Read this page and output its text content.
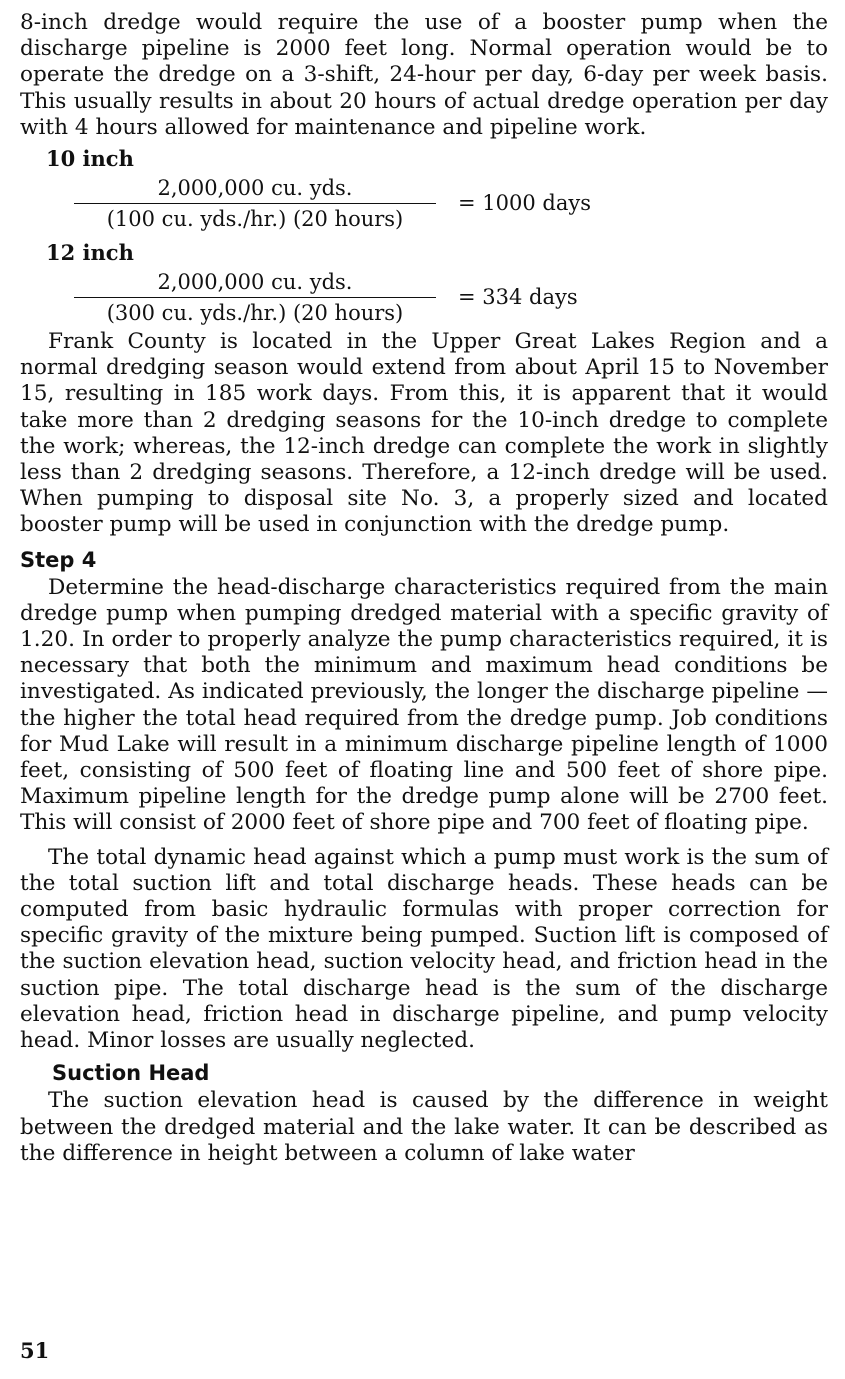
8-inch dredge would require the use of a booster pump when the discharge pipeline is 2000 feet long. Normal operation would be to operate the dredge on a 3-shift, 24-hour per day, 6-day per week basis. This usually results in about 20 hours of actual dredge operation per day with 4 hours allowed for maintenance and pipeline work.

10 inch
$\frac{\text{2,000,000 cu. yds.}}{\text{(100 cu. yds./hr.) (20 hours)}} = 1000$ days
12 inch
$\frac{\text{2,000,000 cu. yds.}}{\text{(300 cu. yds./hr.) (20 hours)}} = 334$ days

Frank County is located in the Upper Great Lakes Region and a normal dredging season would extend from about April 15 to November 15, resulting in 185 work days. From this, it is apparent that it would take more than 2 dredging seasons for the 10-inch dredge to complete the work; whereas, the 12-inch dredge can complete the work in slightly less than 2 dredging seasons. Therefore, a 12-inch dredge will be used. When pumping to disposal site No. 3, a properly sized and located booster pump will be used in conjunction with the dredge pump.

Step 4

Determine the head-discharge characteristics required from the main dredge pump when pumping dredged material with a specific gravity of 1.20. In order to properly analyze the pump characteristics required, it is necessary that both the minimum and maximum head conditions be investigated. As indicated previously, the longer the discharge pipeline — the higher the total head required from the dredge pump. Job conditions for Mud Lake will result in a minimum discharge pipeline length of 1000 feet, consisting of 500 feet of floating line and 500 feet of shore pipe. Maximum pipeline length for the dredge pump alone will be 2700 feet. This will consist of 2000 feet of shore pipe and 700 feet of floating pipe.

The total dynamic head against which a pump must work is the sum of the total suction lift and total discharge heads. These heads can be computed from basic hydraulic formulas with proper correction for specific gravity of the mixture being pumped. Suction lift is composed of the suction elevation head, suction velocity head, and friction head in the suction pipe. The total discharge head is the sum of the discharge elevation head, friction head in discharge pipeline, and pump velocity head. Minor losses are usually neglected.

Suction Head

The suction elevation head is caused by the difference in weight between the dredged material and the lake water. It can be described as the difference in height between a column of lake water

51
